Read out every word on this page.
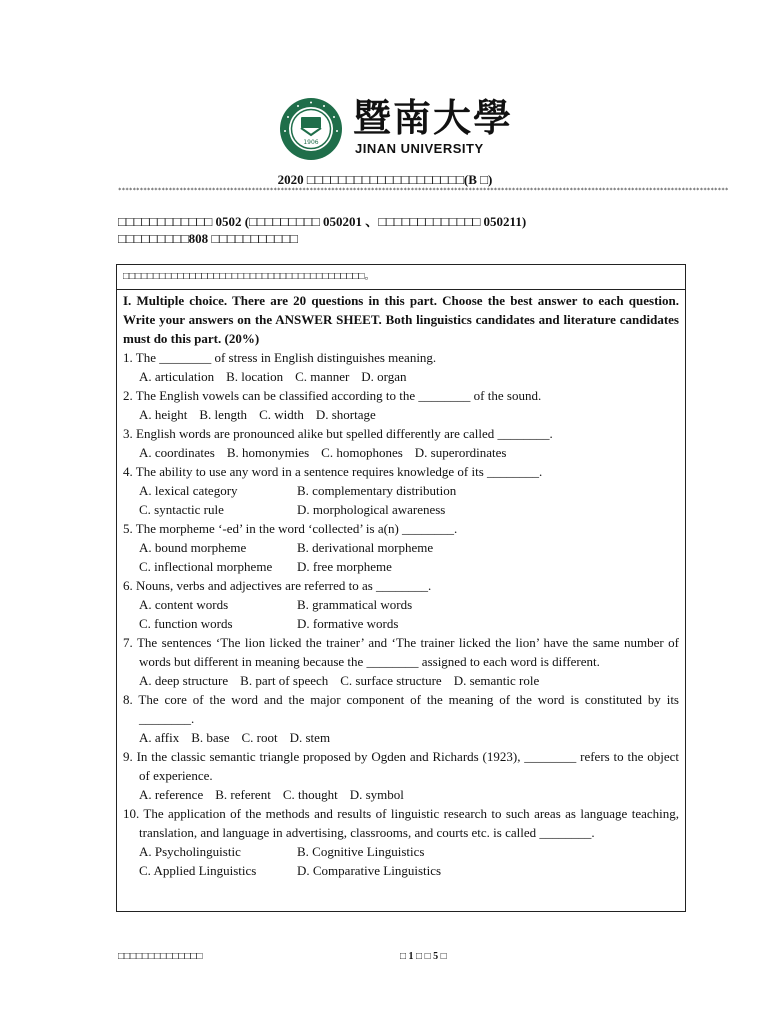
1906
暨南大學
JINAN UNIVERSITY
2020 □□□□□□□□□□□□□□□□□□□□(B □)
*************************************************************************************************************************************************************************
□□□□□□□□□□□□ 0502 (□□□□□□□□□ 050201 、□□□□□□□□□□□□□ 050211)
□□□□□□□□□808 □□□□□□□□□□□
□□□□□□□□□□□□□□□□□□□□□□□□□□□□□□□□□□□□□□□□。
I. Multiple choice. There are 20 questions in this part. Choose the best answer to each question. Write your answers on the ANSWER SHEET. Both linguistics candidates and literature candidates must do this part. (20%)
1. The ________ of stress in English distinguishes meaning.
A. articulation B. location C. manner D. organ
2. The English vowels can be classified according to the ________ of the sound.
A. height B. length C. width D. shortage
3. English words are pronounced alike but spelled differently are called ________.
A. coordinates B. homonymies C. homophones D. superordinates
4. The ability to use any word in a sentence requires knowledge of its ________.
A. lexical category	B. complementary distribution
C. syntactic rule	D. morphological awareness
5. The morpheme ‘-ed’ in the word ‘collected’ is a(n) ________.
A. bound morpheme	B. derivational morpheme
C. inflectional morpheme D. free morpheme
6. Nouns, verbs and adjectives are referred to as ________.
A. content words	B. grammatical words
C. function words	D. formative words
7. The sentences ‘The lion licked the trainer’ and ‘The trainer licked the lion’ have the same number of words but different in meaning because the ________ assigned to each word is different.
A. deep structure B. part of speech C. surface structure D. semantic role
8. The core of the word and the major component of the meaning of the word is constituted by its ________.
A. affix B. base C. root D. stem
9. In the classic semantic triangle proposed by Ogden and Richards (1923), ________ refers to the object of experience.
A. reference B. referent C. thought D. symbol
10. The application of the methods and results of linguistic research to such areas as language teaching, translation, and language in advertising, classrooms, and courts etc. is called ________.
A. Psycholinguistic	B. Cognitive Linguistics
C. Applied Linguistics	D. Comparative Linguistics
□□□□□□□□□□□□□□	□ 1 □ □ 5 □
